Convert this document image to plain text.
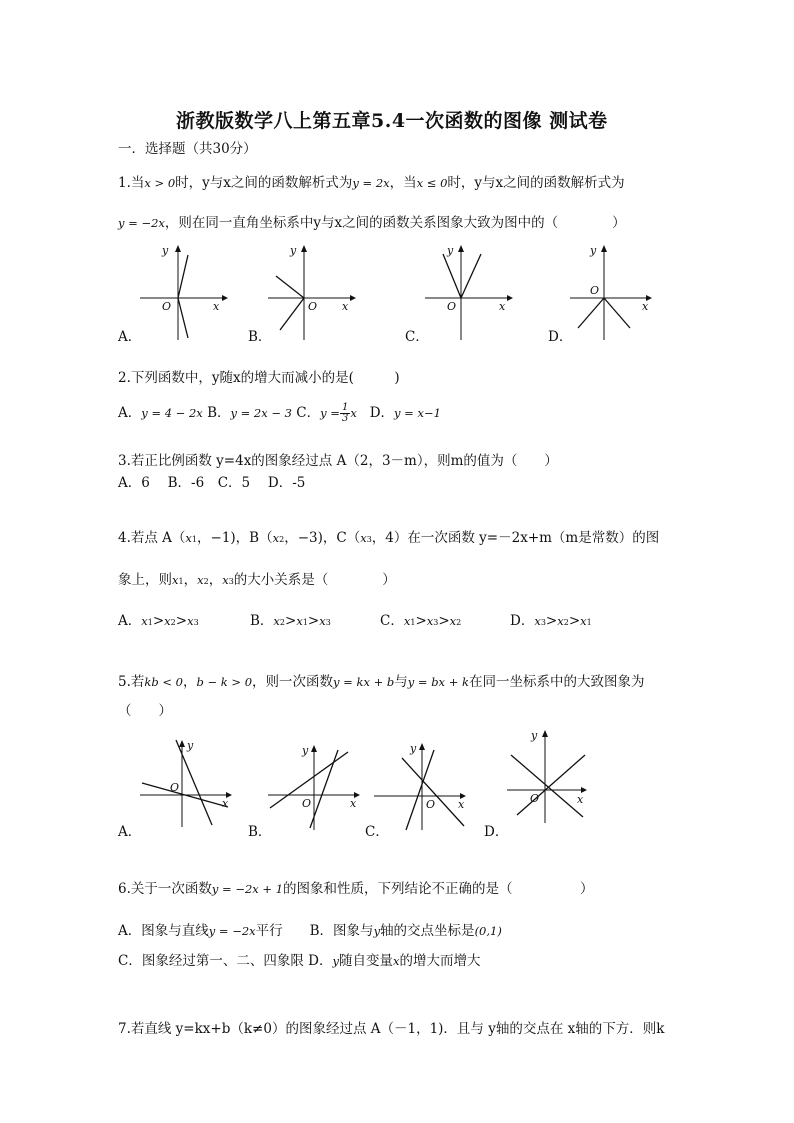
浙教版数学八上第五章5.4一次函数的图像 测试卷
一．选择题（共30分）
1.当x > 0时，y与x之间的函数解析式为y = 2x，当x ≤ 0时，y与x之间的函数解析式为
y = −2x，则在同一直角坐标系中y与x之间的函数关系图象大致为图中的（　　　　）
O	x
y
O x
y
O	x
y
O
x
y
A．	B．	C．	D．
2.下列函数中，y随x的增大而减小的是(　　　)
A．y = 4 − 2x B．y = 2x − 3 C．$y = \frac{1}{3}$ x D．y = x−1
3.若正比例函数 y=4x的图象经过点 A（2，3－m），则m的值为（　　）
A．6　 B．-6　C．5　 D．-5
4.若点 A（x1，−1)，B（x2，−3)，C（x3，4）在一次函数 y=－2x+m（m是常数）的图
象上，则x1，x2，x3的大小关系是（　　　　）
A．x1>x2>x3	B．x2>x1>x3	C．x1>x3>x2	D．x3>x2>x1
5.若kb < 0，b − k > 0，则一次函数y = kx + b与y = bx + k在同一坐标系中的大致图象为
（　　）
O
x
y
O	x
y
O x
y
O	x
y
A．	B．	C．	D．
6.关于一次函数y = −2x + 1的图象和性质，下列结论不正确的是（　　　　　）
A．图象与直线y = −2x平行　　B．图象与y轴的交点坐标是(0,1)
C．图象经过第一、二、四象限 D．y随自变量x的增大而增大
7.若直线 y=kx+b（k≠0）的图象经过点 A（－1，1)．且与 y轴的交点在 x轴的下方．则k
